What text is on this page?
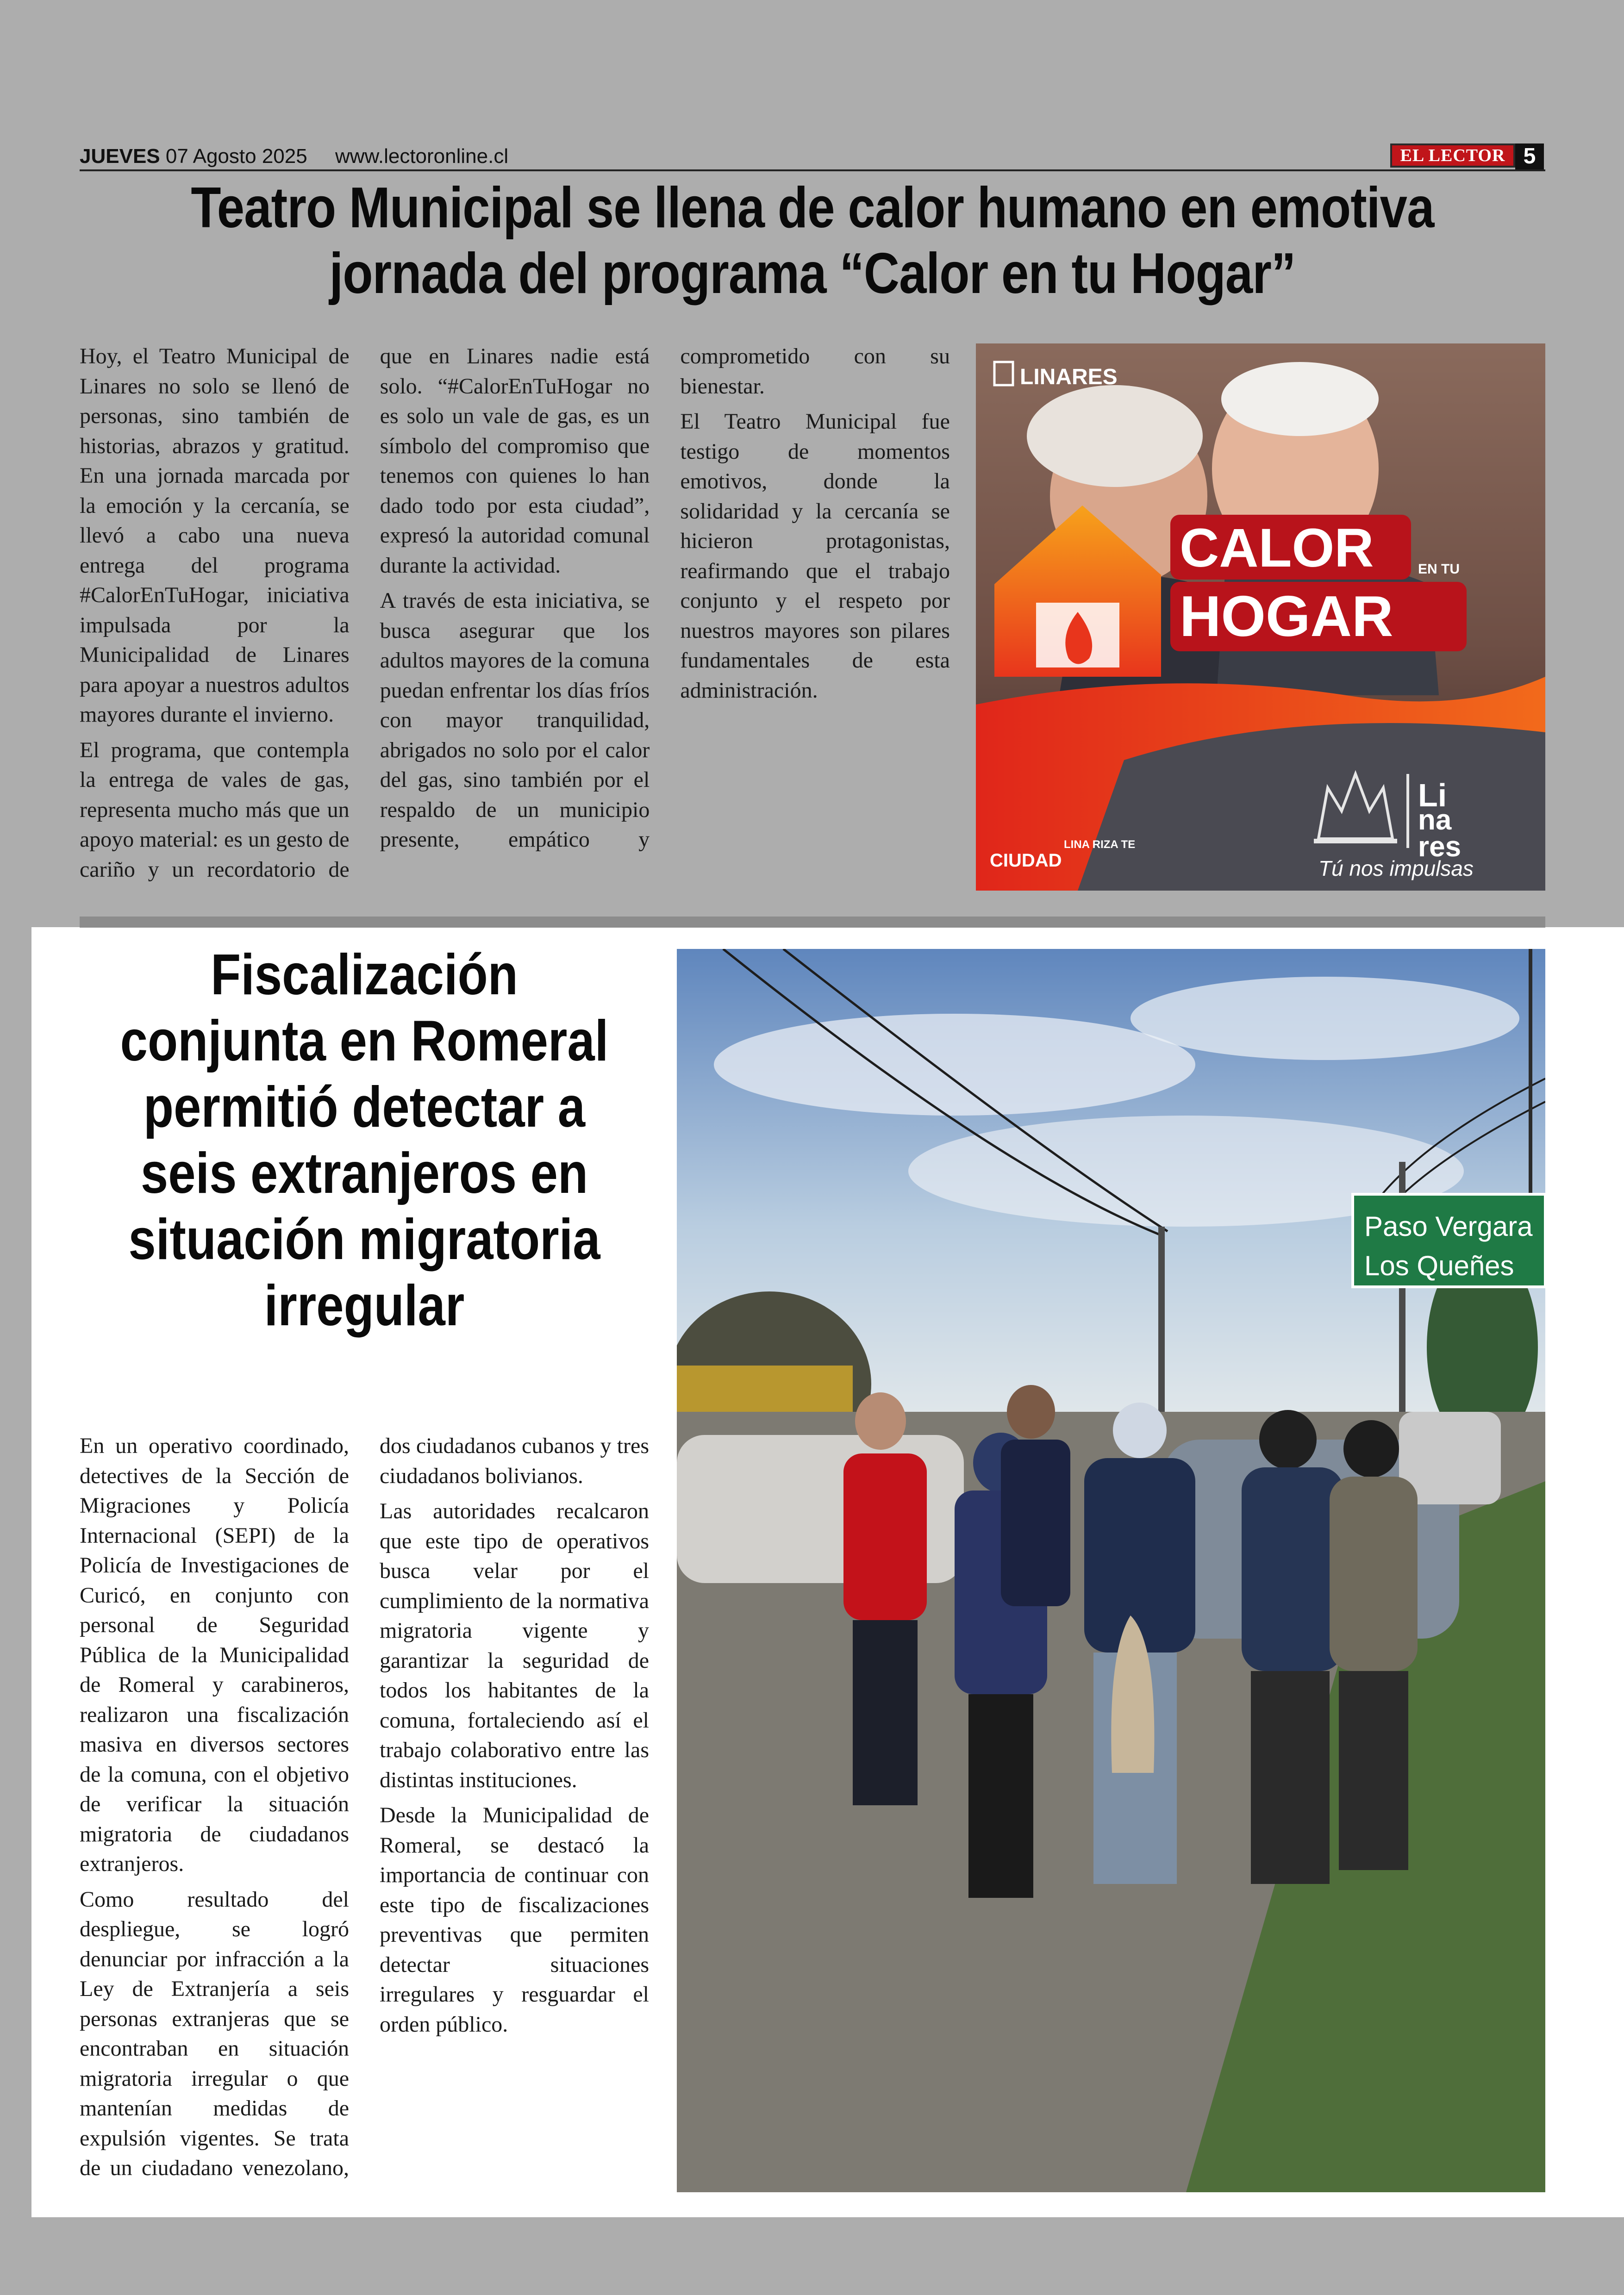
JUEVES 07 Agosto 2025 www.lectoronline.cl	EL LECTOR 5
Teatro Municipal se llena de calor humano en emotiva jornada del programa “Calor en tu Hogar”

Hoy, el Teatro Municipal de Linares no solo se llenó de personas, sino también de historias, abrazos y gratitud. En una jornada marcada por la emoción y la cercanía, se llevó a cabo una nueva entrega del programa #CalorEnTuHogar, iniciativa impulsada por la Municipalidad de Linares para apoyar a nuestros adultos mayores durante el invierno.

El programa, que contempla la entrega de vales de gas, representa mucho más que un apoyo material: es un gesto de cariño y un recordatorio de que en Linares nadie está solo. “#CalorEnTuHogar no es solo un vale de gas, es un símbolo del compromiso que tenemos con quienes lo han dado todo por esta ciudad”, expresó la autoridad comunal durante la actividad.

A través de esta iniciativa, se busca asegurar que los adultos mayores de la comuna puedan enfrentar los días fríos con mayor tranquilidad, abrigados no solo por el calor del gas, sino también por el respaldo de un municipio presente, empático y comprometido con su bienestar.

El Teatro Municipal fue testigo de momentos emotivos, donde la solidaridad y la cercanía se hicieron protagonistas, reafirmando que el trabajo conjunto y el respeto por nuestros mayores son pilares fundamentales de esta administración.

LINARES
CALOR	EN TU
HOGAR
Li
na
res
Tú nos impulsas
CIUDAD
LINA RIZA TE
Fiscalización conjunta en Romeral permitió detectar a seis extranjeros en situación migratoria irregular

En un operativo coordinado, detectives de la Sección de Migraciones y Policía Internacional (SEPI) de la Policía de Investigaciones de Curicó, en conjunto con personal de Seguridad Pública de la Municipalidad de Romeral y carabineros, realizaron una fiscalización masiva en diversos sectores de la comuna, con el objetivo de verificar la situación migratoria de ciudadanos extranjeros.

Como resultado del despliegue, se logró denunciar por infracción a la Ley de Extranjería a seis personas extranjeras que se encontraban en situación migratoria irregular o que mantenían medidas de expulsión vigentes. Se trata de un ciudadano venezolano, dos ciudadanos cubanos y tres ciudadanos bolivianos.

Las autoridades recalcaron que este tipo de operativos busca velar por el cumplimiento de la normativa migratoria vigente y garantizar la seguridad de todos los habitantes de la comuna, fortaleciendo así el trabajo colaborativo entre las distintas instituciones.

Desde la Municipalidad de Romeral, se destacó la importancia de continuar con este tipo de fiscalizaciones preventivas que permiten detectar situaciones irregulares y resguardar el orden público.

Paso Vergara
Los Queñes
